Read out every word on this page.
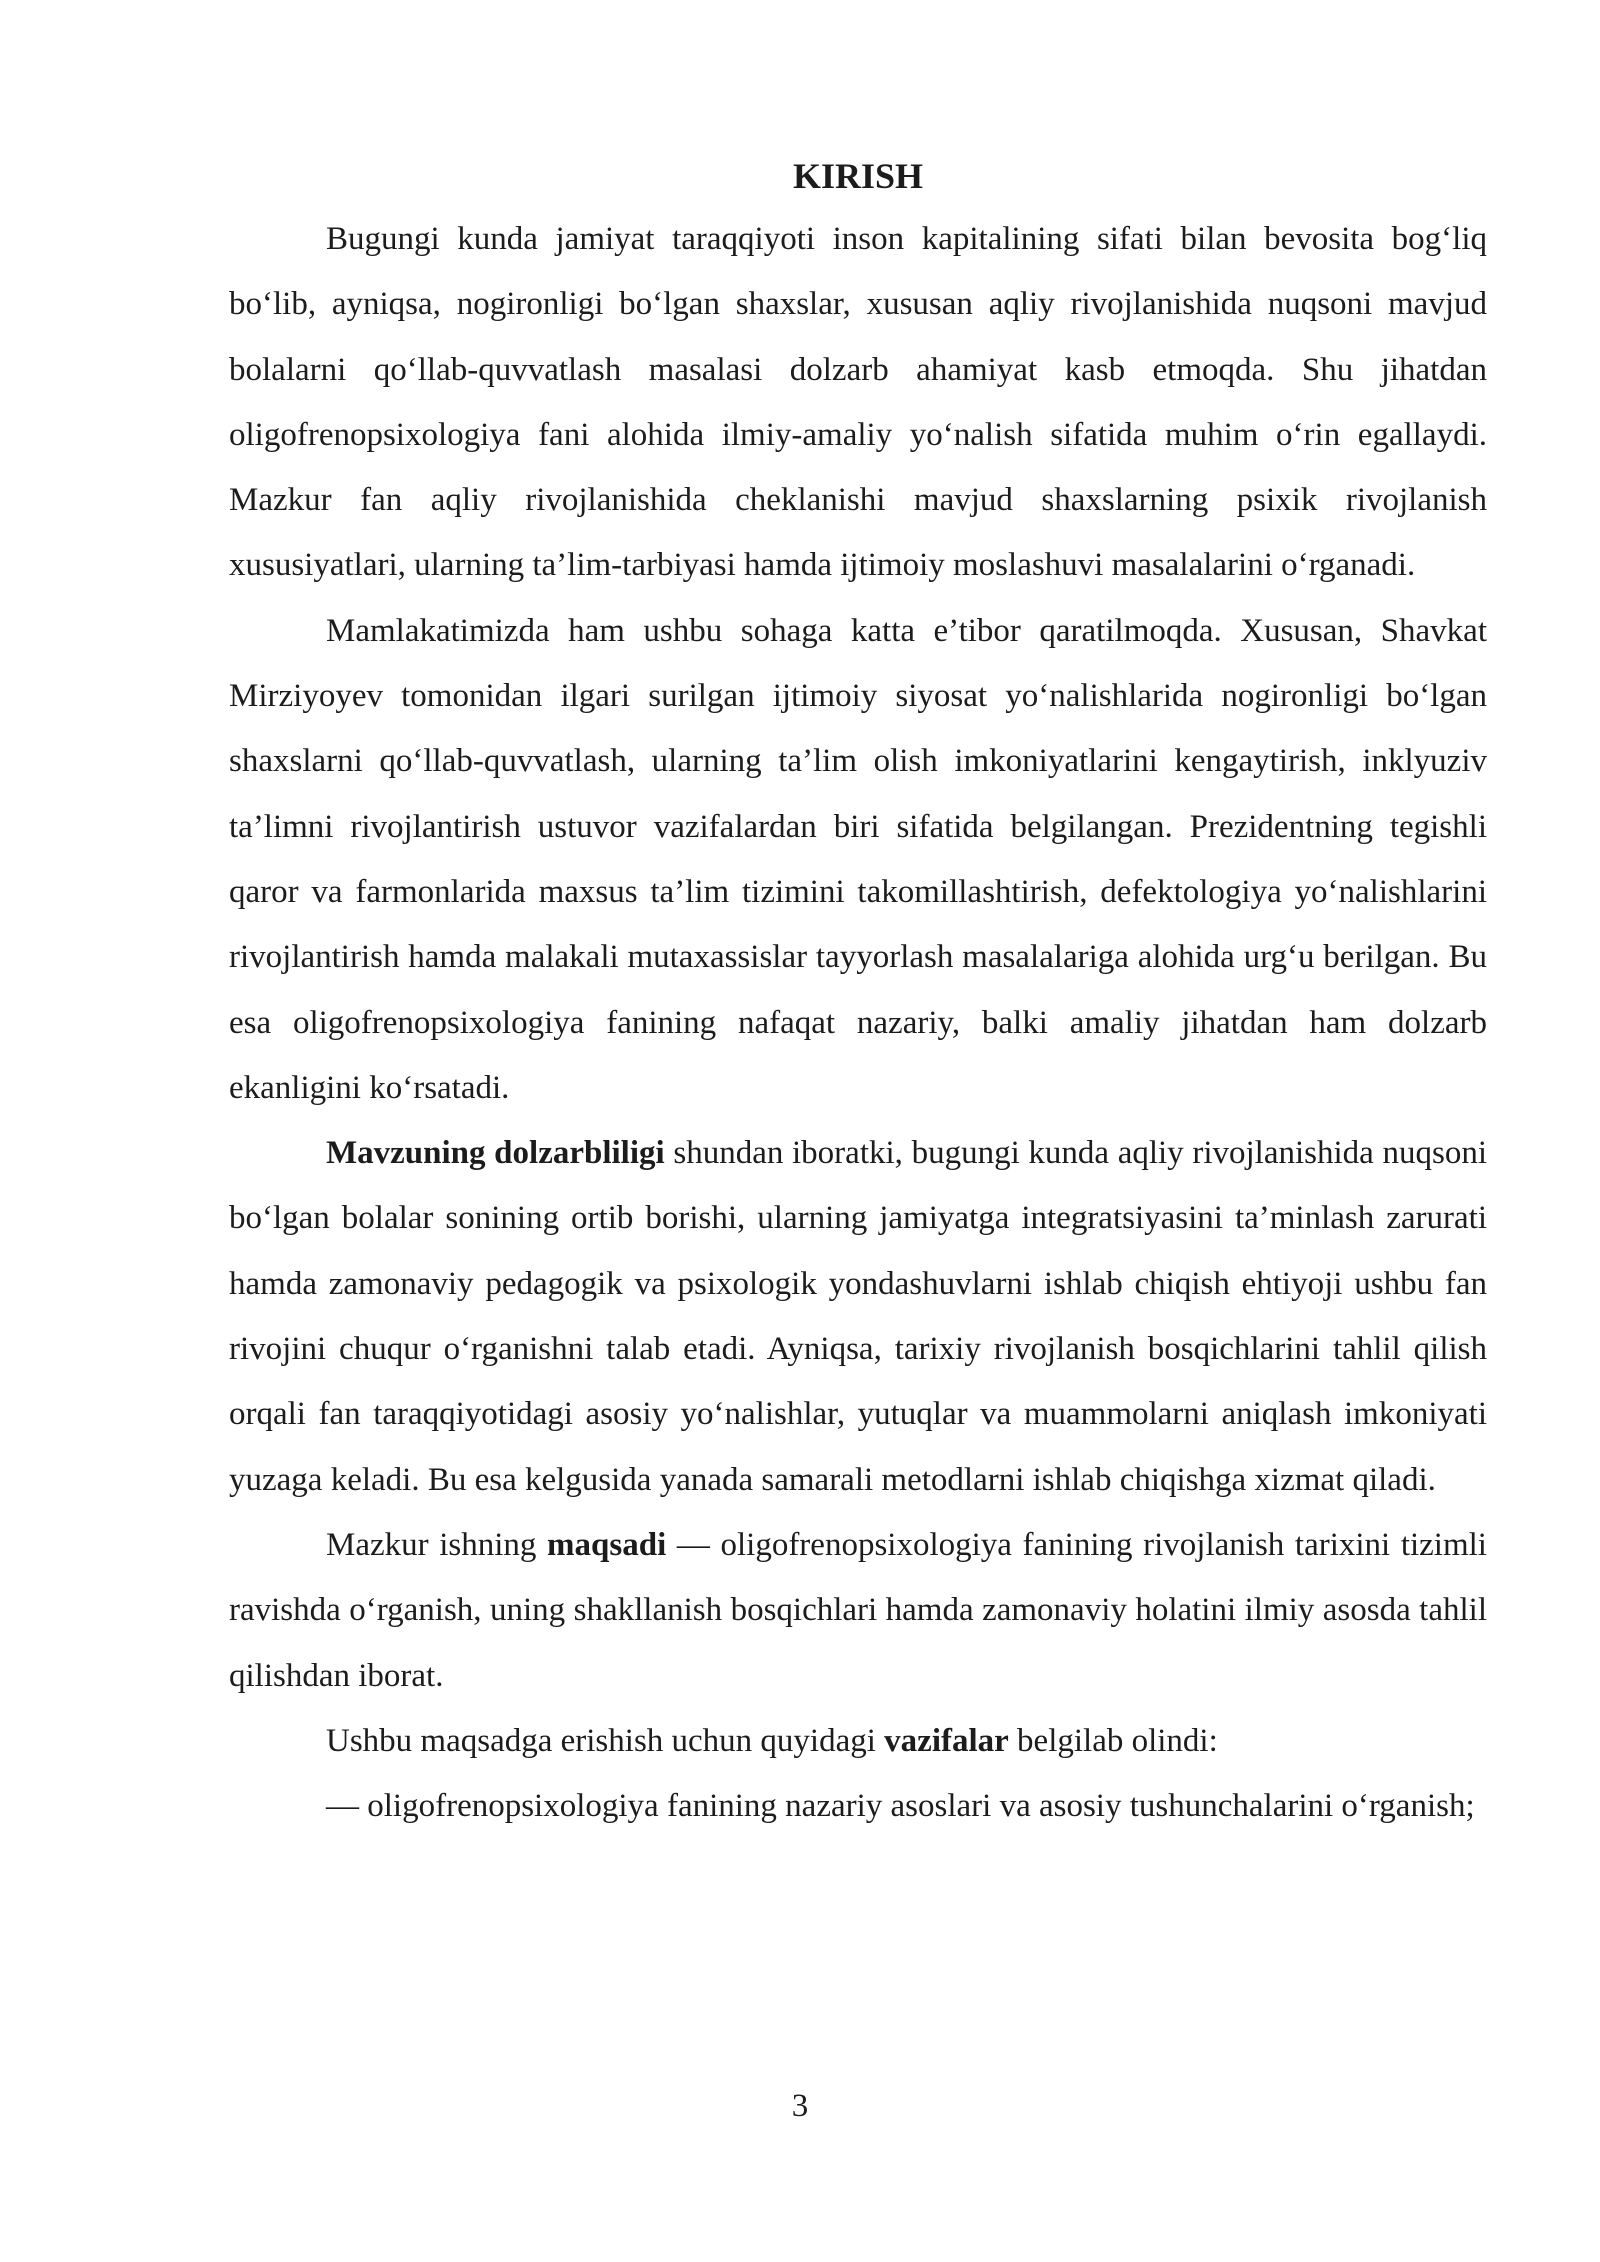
KIRISH

Bugungi kunda jamiyat taraqqiyoti inson kapitalining sifati bilan bevosita bog‘liq bo‘lib, ayniqsa, nogironligi bo‘lgan shaxslar, xususan aqliy rivojlanishida nuqsoni mavjud bolalarni qo‘llab-quvvatlash masalasi dolzarb ahamiyat kasb etmoqda. Shu jihatdan oligofrenopsixologiya fani alohida ilmiy-amaliy yo‘nalish sifatida muhim o‘rin egallaydi. Mazkur fan aqliy rivojlanishida cheklanishi mavjud shaxslarning psixik rivojlanish xususiyatlari, ularning ta’lim-tarbiyasi hamda ijtimoiy moslashuvi masalalarini o‘rganadi.

Mamlakatimizda ham ushbu sohaga katta e’tibor qaratilmoqda. Xususan, Shavkat Mirziyoyev tomonidan ilgari surilgan ijtimoiy siyosat yo‘nalishlarida nogironligi bo‘lgan shaxslarni qo‘llab-quvvatlash, ularning ta’lim olish imkoniyatlarini kengaytirish, inklyuziv ta’limni rivojlantirish ustuvor vazifalardan biri sifatida belgilangan. Prezidentning tegishli qaror va farmonlarida maxsus ta’lim tizimini takomillashtirish, defektologiya yo‘nalishlarini rivojlantirish hamda malakali mutaxassislar tayyorlash masalalariga alohida urg‘u berilgan. Bu esa oligofrenopsixologiya fanining nafaqat nazariy, balki amaliy jihatdan ham dolzarb ekanligini ko‘rsatadi.

Mavzuning dolzarbliligi shundan iboratki, bugungi kunda aqliy rivojlanishida nuqsoni bo‘lgan bolalar sonining ortib borishi, ularning jamiyatga integratsiyasini ta’minlash zarurati hamda zamonaviy pedagogik va psixologik yondashuvlarni ishlab chiqish ehtiyoji ushbu fan rivojini chuqur o‘rganishni talab etadi. Ayniqsa, tarixiy rivojlanish bosqichlarini tahlil qilish orqali fan taraqqiyotidagi asosiy yo‘nalishlar, yutuqlar va muammolarni aniqlash imkoniyati yuzaga keladi. Bu esa kelgusida yanada samarali metodlarni ishlab chiqishga xizmat qiladi.

Mazkur ishning maqsadi — oligofrenopsixologiya fanining rivojlanish tarixini tizimli ravishda o‘rganish, uning shakllanish bosqichlari hamda zamonaviy holatini ilmiy asosda tahlil qilishdan iborat.

Ushbu maqsadga erishish uchun quyidagi vazifalar belgilab olindi:

— oligofrenopsixologiya fanining nazariy asoslari va asosiy tushunchalarini o‘rganish;

3
